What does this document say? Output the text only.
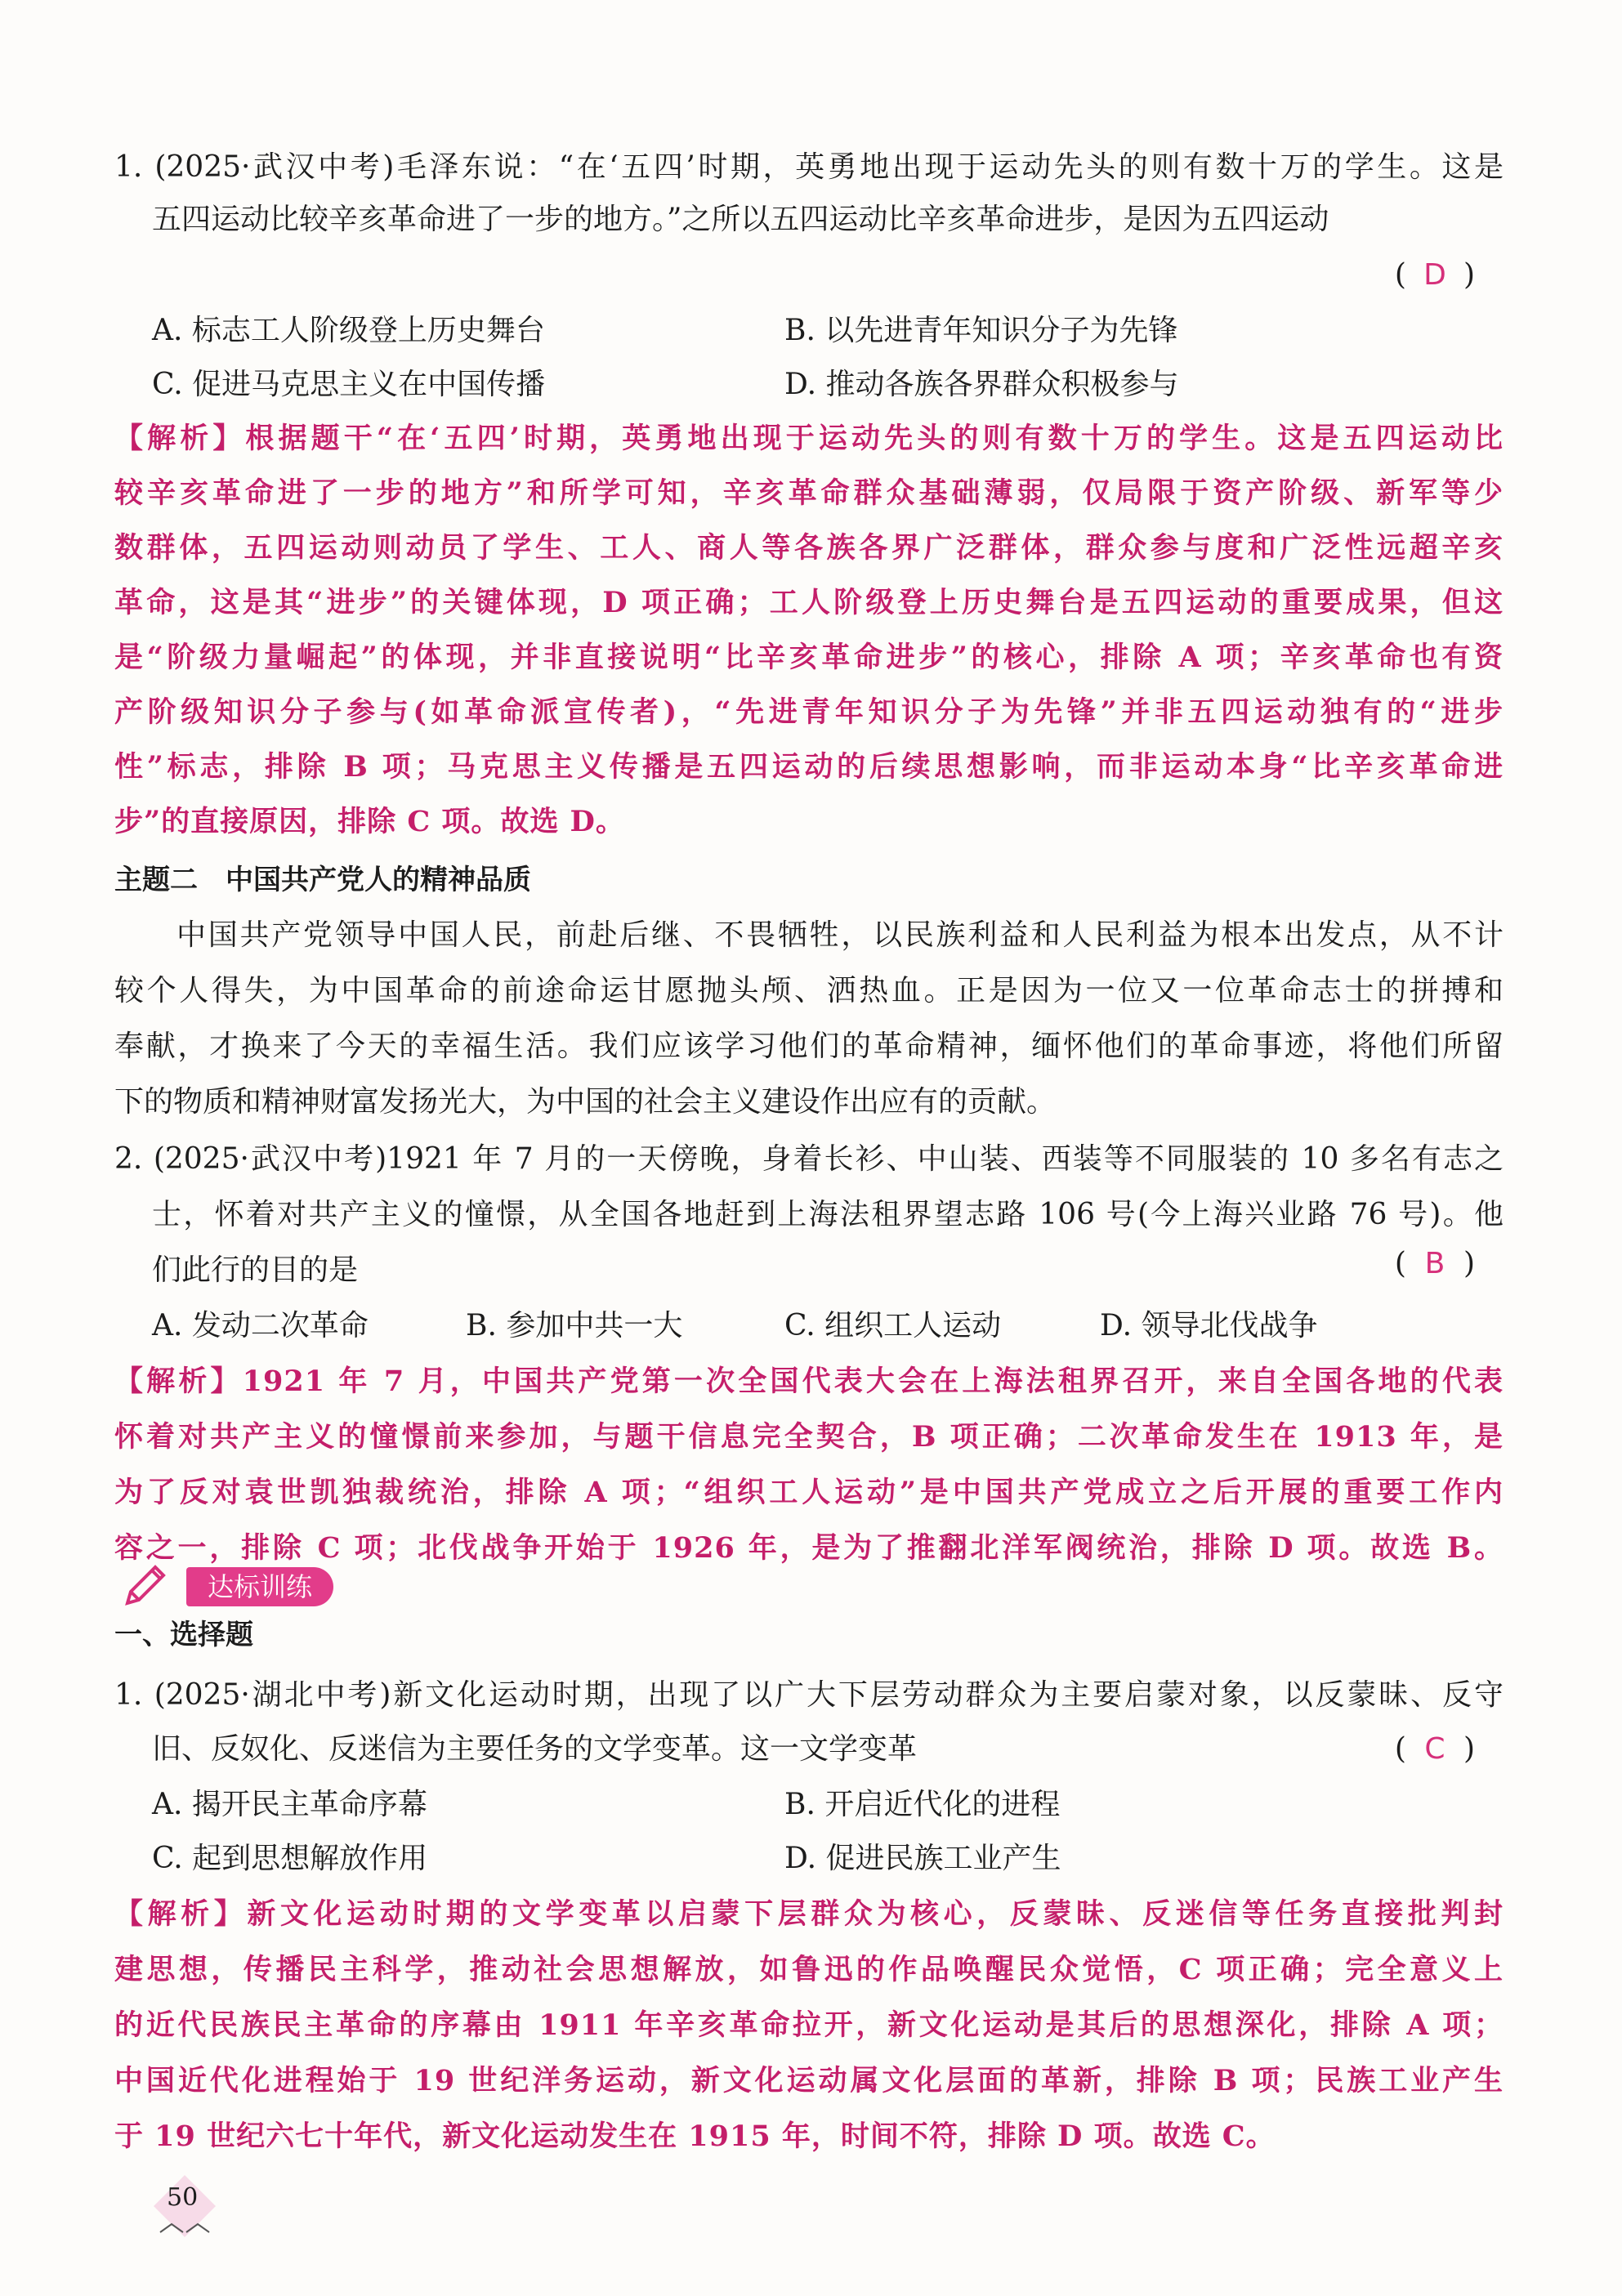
1. (2025·武汉中考)毛泽东说：“在‘五四’时期，英勇地出现于运动先头的则有数十万的学生。这是
五四运动比较辛亥革命进了一步的地方。”之所以五四运动比辛亥革命进步，是因为五四运动
( D )
A. 标志工人阶级登上历史舞台	B. 以先进青年知识分子为先锋
C. 促进马克思主义在中国传播	D. 推动各族各界群众积极参与
【解析】根据题干“在‘五四’时期，英勇地出现于运动先头的则有数十万的学生。这是五四运动比
较辛亥革命进了一步的地方”和所学可知，辛亥革命群众基础薄弱，仅局限于资产阶级、新军等少
数群体，五四运动则动员了学生、工人、商人等各族各界广泛群体，群众参与度和广泛性远超辛亥
革命，这是其“进步”的关键体现，D 项正确；工人阶级登上历史舞台是五四运动的重要成果，但这
是“阶级力量崛起”的体现，并非直接说明“比辛亥革命进步”的核心，排除 A 项；辛亥革命也有资
产阶级知识分子参与(如革命派宣传者)，“先进青年知识分子为先锋”并非五四运动独有的“进步
性”标志，排除 B 项；马克思主义传播是五四运动的后续思想影响，而非运动本身“比辛亥革命进
步”的直接原因，排除 C 项。故选 D。
主题二　中国共产党人的精神品质
中国共产党领导中国人民，前赴后继、不畏牺牲，以民族利益和人民利益为根本出发点，从不计
较个人得失，为中国革命的前途命运甘愿抛头颅、洒热血。正是因为一位又一位革命志士的拼搏和
奉献，才换来了今天的幸福生活。我们应该学习他们的革命精神，缅怀他们的革命事迹，将他们所留
下的物质和精神财富发扬光大，为中国的社会主义建设作出应有的贡献。
2. (2025·武汉中考)1921 年 7 月的一天傍晚，身着长衫、中山装、西装等不同服装的 10 多名有志之
士，怀着对共产主义的憧憬，从全国各地赶到上海法租界望志路 106 号(今上海兴业路 76 号)。他
们此行的目的是	( B )
A. 发动二次革命	B. 参加中共一大	C. 组织工人运动	D. 领导北伐战争
【解析】1921 年 7 月，中国共产党第一次全国代表大会在上海法租界召开，来自全国各地的代表
怀着对共产主义的憧憬前来参加，与题干信息完全契合，B 项正确；二次革命发生在 1913 年，是
为了反对袁世凯独裁统治，排除 A 项；“组织工人运动”是中国共产党成立之后开展的重要工作内
容之一，排除 C 项；北伐战争开始于 1926 年，是为了推翻北洋军阀统治，排除 D 项。故选 B。
达标训练
一、选择题
1. (2025·湖北中考)新文化运动时期，出现了以广大下层劳动群众为主要启蒙对象，以反蒙昧、反守
旧、反奴化、反迷信为主要任务的文学变革。这一文学变革	( C )
A. 揭开民主革命序幕	B. 开启近代化的进程
C. 起到思想解放作用	D. 促进民族工业产生
【解析】新文化运动时期的文学变革以启蒙下层群众为核心，反蒙昧、反迷信等任务直接批判封
建思想，传播民主科学，推动社会思想解放，如鲁迅的作品唤醒民众觉悟，C 项正确；完全意义上
的近代民族民主革命的序幕由 1911 年辛亥革命拉开，新文化运动是其后的思想深化，排除 A 项；
中国近代化进程始于 19 世纪洋务运动，新文化运动属文化层面的革新，排除 B 项；民族工业产生
于 19 世纪六七十年代，新文化运动发生在 1915 年，时间不符，排除 D 项。故选 C。
50
